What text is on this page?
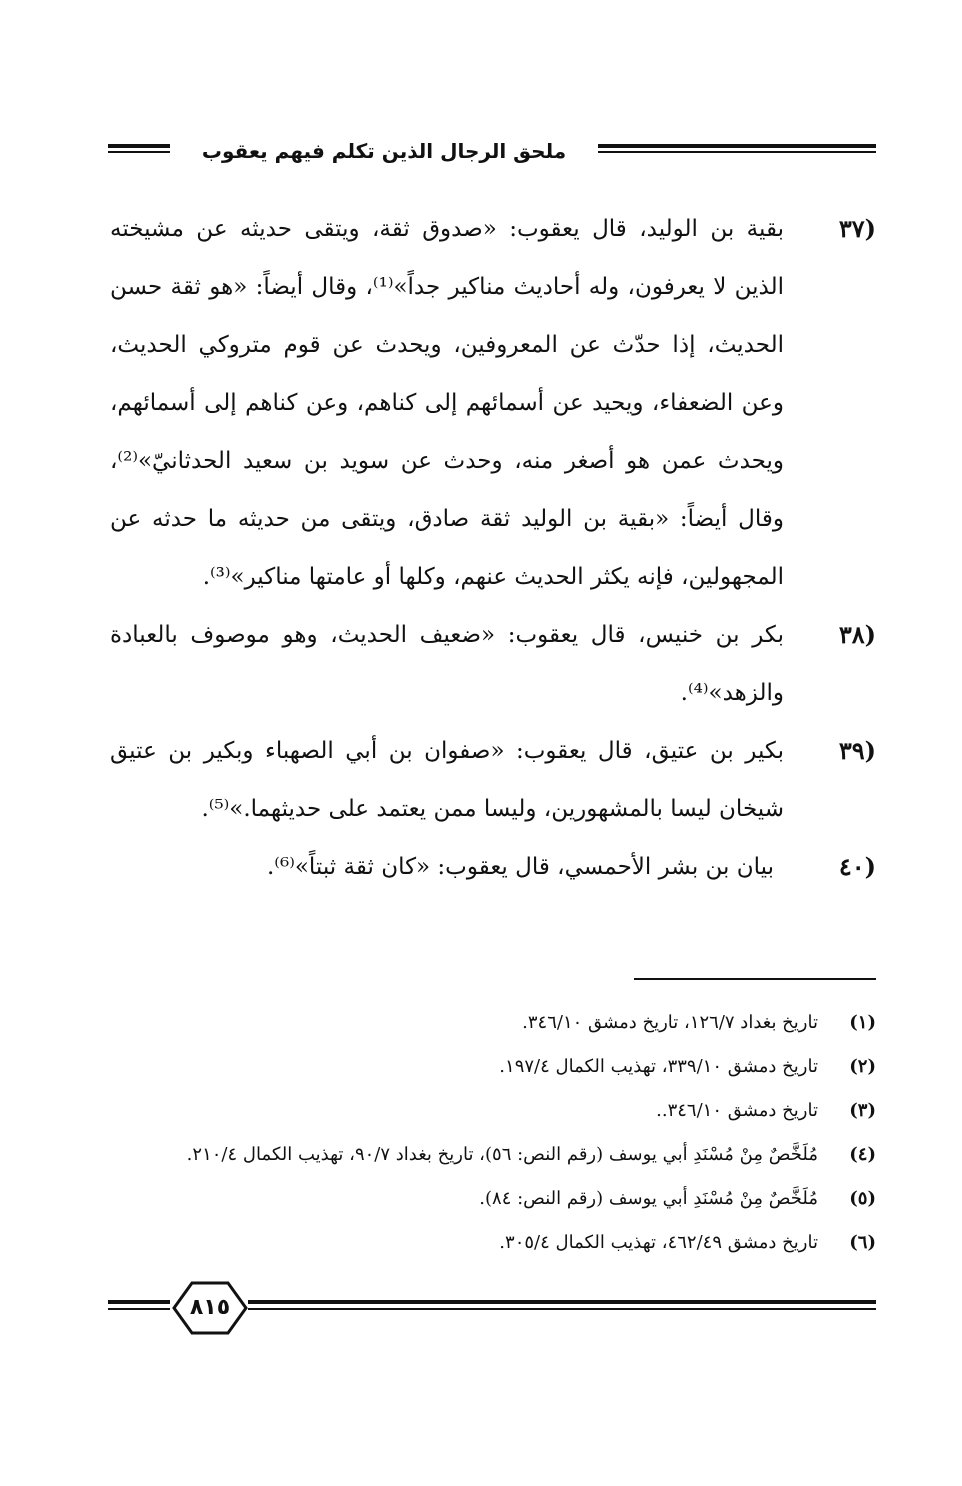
ملحق الرجال الذين تكلم فيهم يعقوب
(٣٧
بقية بن الوليد، قال يعقوب: «صدوق ثقة، ويتقى حديثه عن مشيخته الذين لا يعرفون، وله أحاديث مناكير جداً»⁽¹⁾، وقال أيضاً: «هو ثقة حسن الحديث، إذا حدّث عن المعروفين، ويحدث عن قوم متروكي الحديث، وعن الضعفاء، ويحيد عن أسمائهم إلى كناهم، وعن كناهم إلى أسمائهم، ويحدث عمن هو أصغر منه، وحدث عن سويد بن سعيد الحدثانيّ»⁽²⁾، وقال أيضاً: «بقية بن الوليد ثقة صادق، ويتقى من حديثه ما حدثه عن المجهولين، فإنه يكثر الحديث عنهم، وكلها أو عامتها مناكير»⁽³⁾.
(٣٨
بكر بن خنيس، قال يعقوب: «ضعيف الحديث، وهو موصوف بالعبادة والزهد»⁽⁴⁾.
(٣٩
بكير بن عتيق، قال يعقوب: «صفوان بن أبي الصهباء وبكير بن عتيق شيخان ليسا بالمشهورين، وليسا ممن يعتمد على حديثهما.»⁽⁵⁾.
(٤٠
بيان بن بشر الأحمسي، قال يعقوب: «كان ثقة ثبتاً»⁽⁶⁾.
(١)
تاريخ بغداد ١٢٦/٧، تاريخ دمشق ٣٤٦/١٠.
(٢)
تاريخ دمشق ٣٣٩/١٠، تهذيب الكمال ١٩٧/٤.
(٣)
تاريخ دمشق ٣٤٦/١٠..
(٤)
مُلَخَّصٌ مِنْ مُسْنَدِ أبي يوسف (رقم النص: ٥٦)، تاريخ بغداد ٩٠/٧، تهذيب الكمال ٢١٠/٤.
(٥)
مُلَخَّصٌ مِنْ مُسْنَدِ أبي يوسف (رقم النص: ٨٤).
(٦)
تاريخ دمشق ٤٦٢/٤٩، تهذيب الكمال ٣٠٥/٤.
٨١٥
